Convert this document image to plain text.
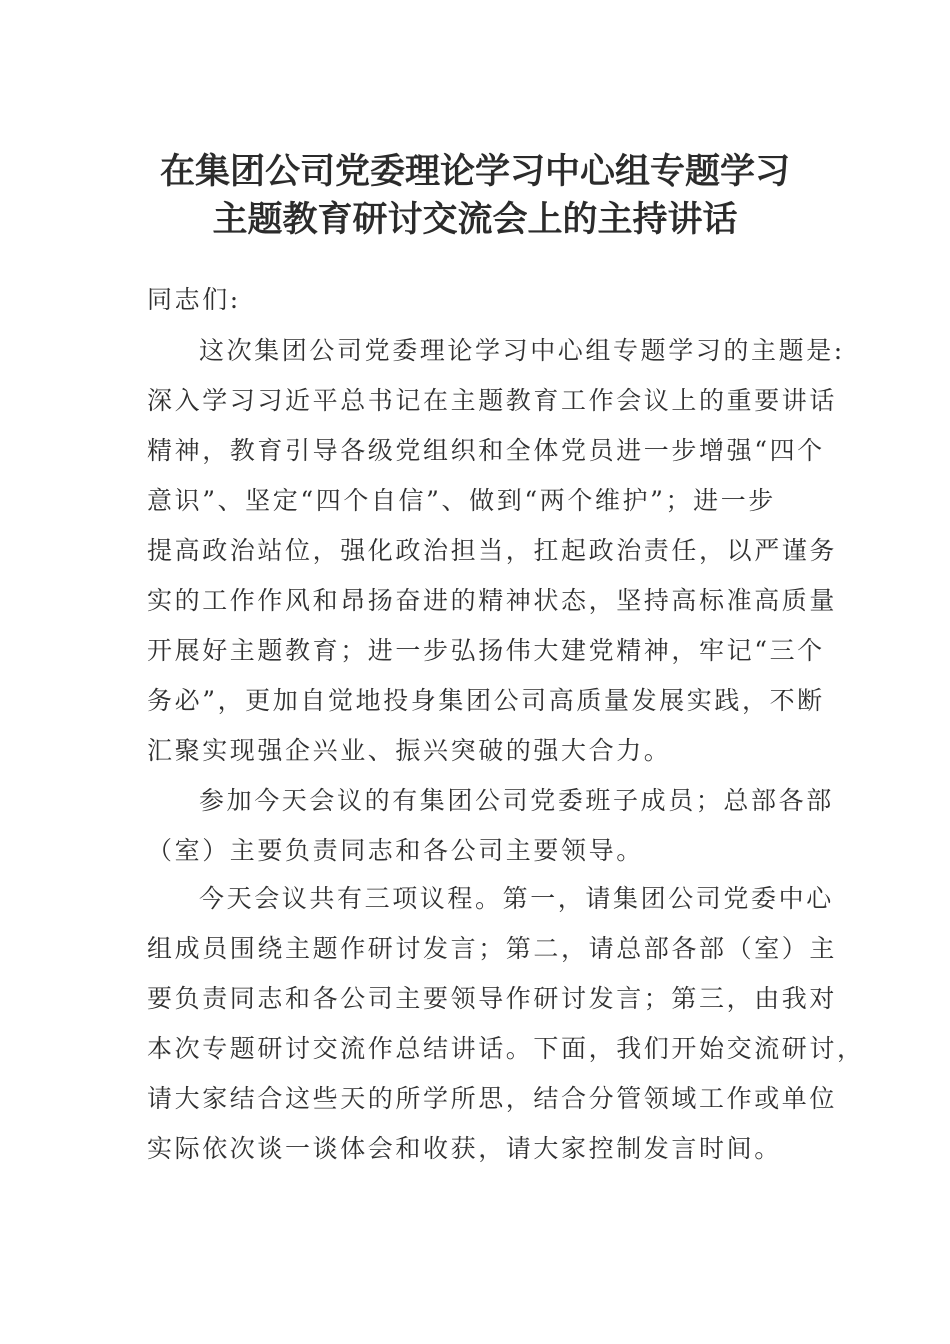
在集团公司党委理论学习中心组专题学习
主题教育研讨交流会上的主持讲话
同志们:
这次集团公司党委理论学习中心组专题学习的主题是:
深入学习习近平总书记在主题教育工作会议上的重要讲话
精神，教育引导各级党组织和全体党员进一步增强“四个
意识”、坚定“四个自信”、做到“两个维护”；进一步
提高政治站位，强化政治担当，扛起政治责任，以严谨务
实的工作作风和昂扬奋进的精神状态，坚持高标准高质量
开展好主题教育；进一步弘扬伟大建党精神，牢记“三个
务必”，更加自觉地投身集团公司高质量发展实践，不断
汇聚实现强企兴业、振兴突破的强大合力。
参加今天会议的有集团公司党委班子成员；总部各部
（室）主要负责同志和各公司主要领导。
今天会议共有三项议程。第一，请集团公司党委中心
组成员围绕主题作研讨发言；第二，请总部各部（室）主
要负责同志和各公司主要领导作研讨发言；第三，由我对
本次专题研讨交流作总结讲话。下面，我们开始交流研讨，
请大家结合这些天的所学所思，结合分管领域工作或单位
实际依次谈一谈体会和收获，请大家控制发言时间。
